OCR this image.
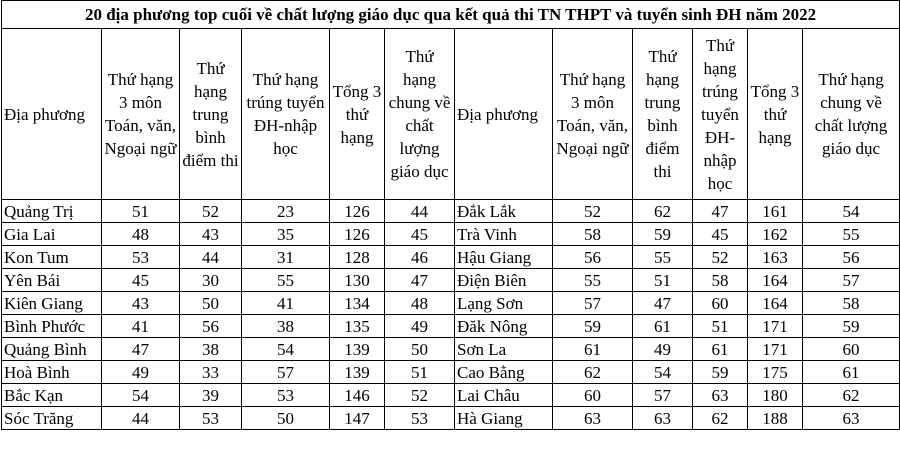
20 địa phương top cuối về chất lượng giáo dục qua kết quả thi TN THPT và tuyển sinh ĐH năm 2022											
Địa phương	Thứ hạng 3 môn Toán, văn, Ngoại ngữ	Thứ hạng trung bình điểm thi	Thứ hạng trúng tuyển ĐH-nhập học	Tổng 3 thứ hạng	Thứ hạng chung về chất lượng giáo dục	Địa phương	Thứ hạng 3 môn Toán, văn, Ngoại ngữ	Thứ hạng trung bình điểm thi	Thứ hạng trúng tuyển ĐH-nhập học	Tổng 3 thứ hạng	Thứ hạng chung về chất lượng giáo dục
Quảng Trị	51	52	23	126	44	Đắk Lắk	52	62	47	161	54
Gia Lai	48	43	35	126	45	Trà Vinh	58	59	45	162	55
Kon Tum	53	44	31	128	46	Hậu Giang	56	55	52	163	56
Yên Bái	45	30	55	130	47	Điện Biên	55	51	58	164	57
Kiên Giang	43	50	41	134	48	Lạng Sơn	57	47	60	164	58
Bình Phước	41	56	38	135	49	Đăk Nông	59	61	51	171	59
Quảng Bình	47	38	54	139	50	Sơn La	61	49	61	171	60
Hoà Bình	49	33	57	139	51	Cao Bằng	62	54	59	175	61
Bắc Kạn	54	39	53	146	52	Lai Châu	60	57	63	180	62
Sóc Trăng	44	53	50	147	53	Hà Giang	63	63	62	188	63
